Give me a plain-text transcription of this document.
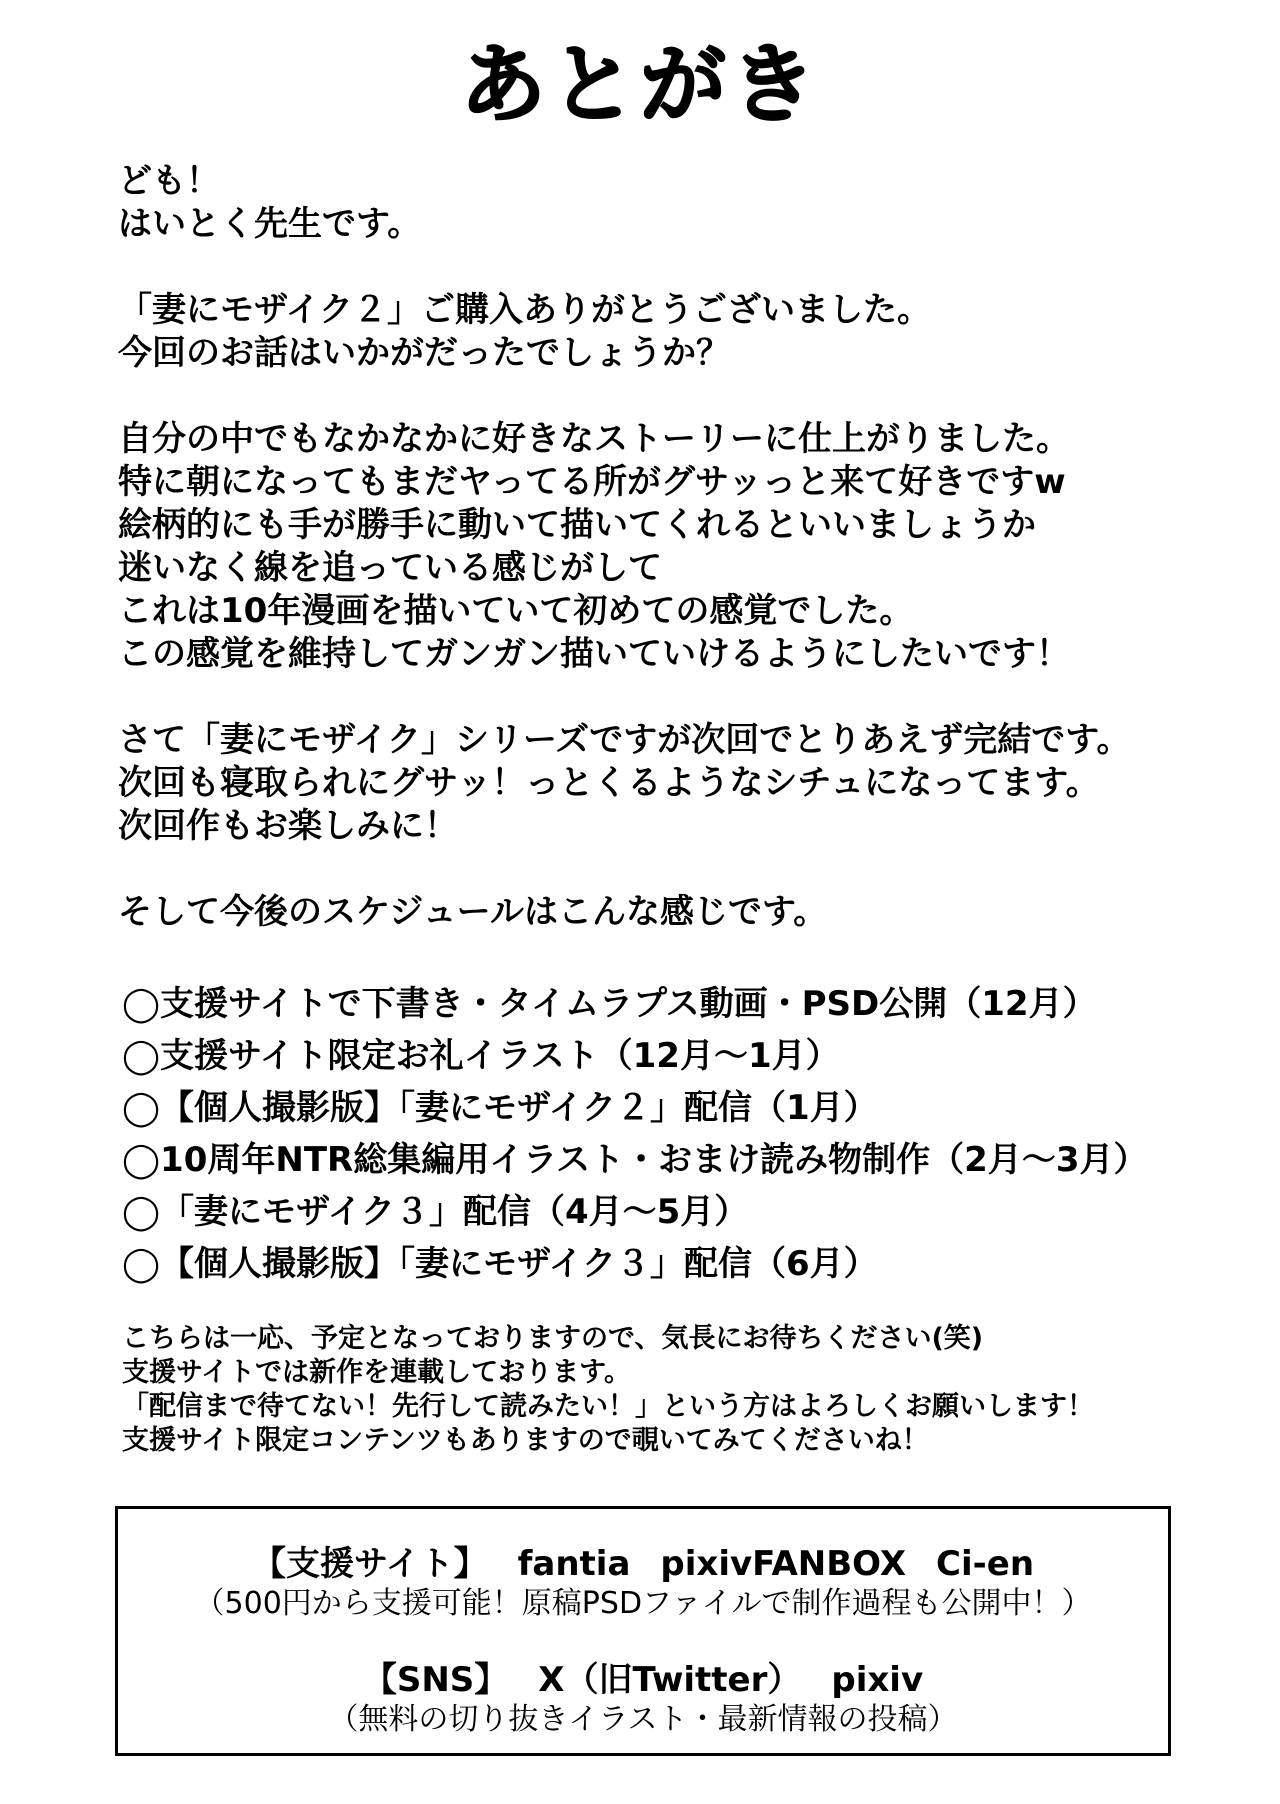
あとがき
ども！
はいとく先生です。
「妻にモザイク２」ご購入ありがとうございました。
今回のお話はいかがだったでしょうか？
自分の中でもなかなかに好きなストーリーに仕上がりました。
特に朝になってもまだヤってる所がグサッっと来て好きですw
絵柄的にも手が勝手に動いて描いてくれるといいましょうか
迷いなく線を追っている感じがして
これは10年漫画を描いていて初めての感覚でした。
この感覚を維持してガンガン描いていけるようにしたいです！
さて「妻にモザイク」シリーズですが次回でとりあえず完結です。
次回も寝取られにグサッ！っとくるようなシチュになってます。
次回作もお楽しみに！
そして今後のスケジュールはこんな感じです。
◯支援サイトで下書き・タイムラプス動画・PSD公開（12月）
◯支援サイト限定お礼イラスト（12月～1月）
◯【個人撮影版】「妻にモザイク２」配信（1月）
◯10周年NTR総集編用イラスト・おまけ読み物制作（2月～3月）
◯「妻にモザイク３」配信（4月～5月）
◯【個人撮影版】「妻にモザイク３」配信（6月）
こちらは一応、予定となっておりますので、気長にお待ちください(笑)
支援サイトでは新作を連載しております。
「配信まで待てない！先行して読みたい！」という方はよろしくお願いします！
支援サイト限定コンテンツもありますので覗いてみてくださいね！
【支援サイト】 fantia pixivFANBOX Ci-en
（500円から支援可能！原稿PSDファイルで制作過程も公開中！）
【SNS】 X（旧Twitter） pixiv
（無料の切り抜きイラスト・最新情報の投稿）
